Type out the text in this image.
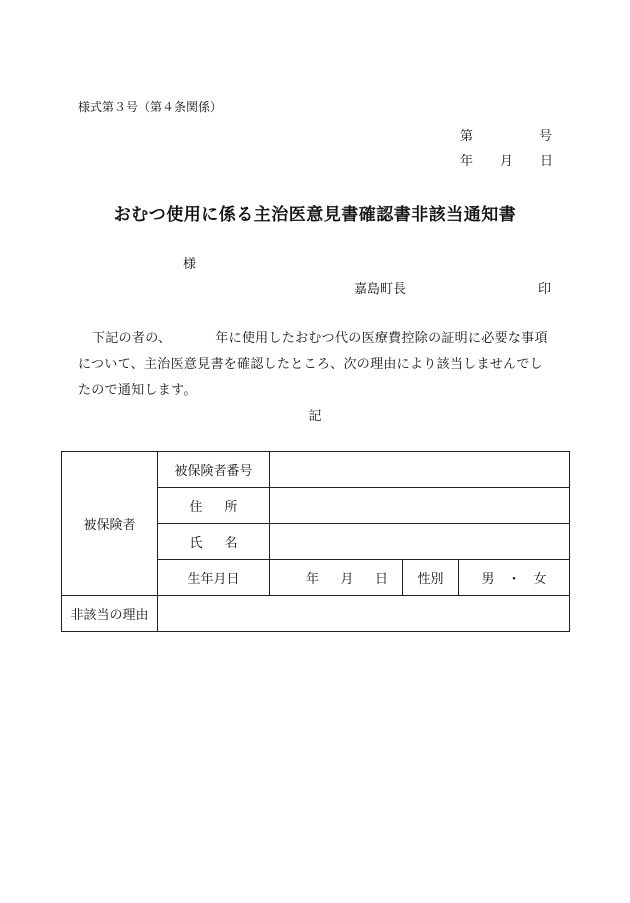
様式第３号（第４条関係）
第	号
年 月 日
おむつ使用に係る主治医意見書確認書非該当通知書
様
嘉島町長	印
下記の者の、	年に使用したおむつ代の医療費控除の証明に必要な事項について、主治医意見書を確認したところ、次の理由により該当しませんでしたので通知します。
記
被保険者	被保険者番号			
	住所			
	氏名			
	生年月日	年 月 日	性別	男　・　女
非該当の理由				
